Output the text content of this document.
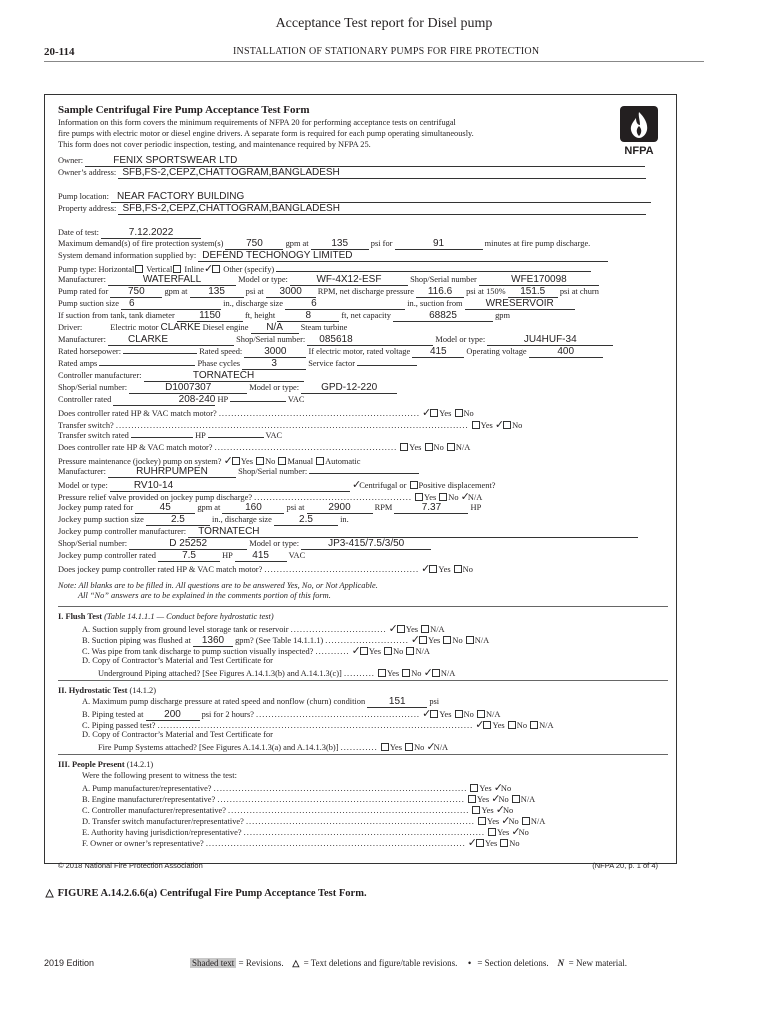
Acceptance Test report for Disel pump
20-114	INSTALLATION OF STATIONARY PUMPS FOR FIRE PROTECTION
NFPA
Sample Centrifugal Fire Pump Acceptance Test Form
Information on this form covers the minimum requirements of NFPA 20 for performing acceptance tests on centrifugal
fire pumps with electric motor or diesel engine drivers. A separate form is required for each pump operating simultaneously.
This form does not cover periodic inspection, testing, and maintenance required by NFPA 25.
Owner:	FENIX SPORTSWEAR LTD
Owner’s address: SFB,FS-2,CEPZ,CHATTOGRAM,BANGLADESH
Pump location: NEAR FACTORY BUILDING
Property address: SFB,FS-2,CEPZ,CHATTOGRAM,BANGLADESH
Date of test:	7.12.2022
Maximum demand(s) of fire protection system(s) 750	gpm at 135	psi for	91	minutes at fire pump discharge.
System demand information supplied by: DEFEND TECHONOGY LIMITED
Pump type: Horizontal Vertical Inline✓ Other (specify)
Manufacturer:	WATERFALL	Model or type:	WF-4X12-ESF	Shop/Serial number	WFE170098
Pump rated for 750 gpm at 135 psi at 3000 RPM, net discharge pressure 116.6 psi at 150% 151.5 psi at churn
Pump suction size 6	in., discharge size	6	in., suction from WRESERVOIR
If suction from tank, tank diameter 1150	ft, height	8	ft, net capacity	68825	gpm
Driver:	Electric motor CLARKE Diesel engine N/A Steam turbine
Manufacturer: CLARKE	Shop/Serial number: 085618	Model or type:	JU4HUF-34
Rated horsepower:	Rated speed: 3000	If electric motor, rated voltage 415 Operating voltage	400
Rated amps	Phase cycles	3	Service factor
Controller manufacturer:	TORNATECH
Shop/Serial number:	D1007307	Model or type: GPD-12-220
Controller rated	208-240 HP	VAC
Does controller rated HP & VAC match motor? ................................................................. ✓ Yes No
Transfer switch? .................................................................................................................. Yes ✓ No
Transfer switch rated	HP	VAC
Does controller rate HP & VAC match motor? ........................................................... Yes No N/A
Pressure maintenance (jockey) pump on system? ✓ Yes No Manual Automatic
Manufacturer:	RUHRPUMPEN	Shop/Serial number:
Model or type:	RV10-14	✓Centrifugal or Positive displacement?
Pressure relief valve provided on jockey pump discharge? ................................................... Yes No ✓N/A
Jockey pump rated for	45	gpm at 160	psi at 2900	RPM	7.37	HP
Jockey pump suction size	2.5	in., discharge size	2.5	in.
Jockey pump controller manufacturer: TORNATECH
Shop/Serial number:	D 25252	Model or type:	JP3-415/7.5/3/50
Jockey pump controller rated	7.5	HP 415 VAC
Does jockey pump controller rated HP & VAC match motor? .................................................. ✓ Yes No
Note: All blanks are to be filled in. All questions are to be answered Yes, No, or Not Applicable.
All “No” answers are to be explained in the comments portion of this form.
I. Flush Test (Table 14.1.1.1 — Conduct before hydrostatic test)
A. Suction supply from ground level storage tank or reservoir ............................... ✓ Yes N/A
B. Suction piping was flushed at 1360 gpm? (See Table 14.1.1.1) ........................... ✓ Yes No N/A
C. Was pipe from tank discharge to pump suction visually inspected? ........... ✓ Yes No N/A
D. Copy of Contractor’s Material and Test Certificate for
Underground Piping attached? [See Figures A.14.1.3(b) and A.14.1.3(c)] .......... Yes No ✓ N/A
II. Hydrostatic Test (14.1.2)
A. Maximum pump discharge pressure at rated speed and nonflow (churn) condition 151	psi
B. Piping tested at 200 psi for 2 hours? ..................................................... ✓ Yes No N/A
C. Piping passed test? ...................................................................................................... ✓ Yes No N/A
D. Copy of Contractor’s Material and Test Certificate for
Fire Pump Systems attached? [See Figures A.14.1.3(a) and A.14.1.3(b)] ............ Yes No ✓N/A
III. People Present (14.2.1)
Were the following present to witness the test:
A. Pump manufacturer/representative? .................................................................................. Yes ✓No
B. Engine manufacturer/representative? ................................................................................ Yes ✓No N/A
C. Controller manufacturer/representative? .............................................................................. Yes ✓No
D. Transfer switch manufacturer/representative? .......................................................................... Yes ✓No N/A
E. Authority having jurisdiction/representative? .............................................................................. Yes ✓No
F. Owner or owner’s representative? .................................................................................... ✓ Yes No
© 2018 National Fire Protection Association	(NFPA 20, p. 1 of 4)
△ FIGURE A.14.2.6.6(a) Centrifugal Fire Pump Acceptance Test Form.
2019 Edition	Shaded text = Revisions. △ = Text deletions and figure/table revisions. • = Section deletions. N = New material.
